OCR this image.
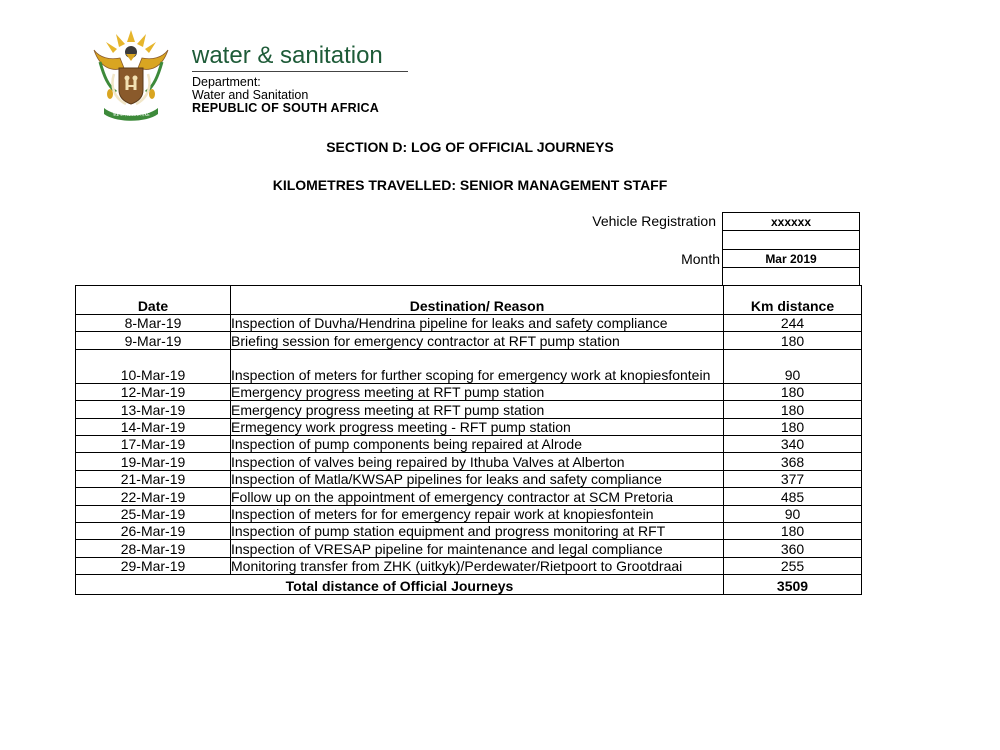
!KE E: /XARRA //KE
water & sanitation
Department:
Water and Sanitation
REPUBLIC OF SOUTH AFRICA
SECTION D: LOG OF OFFICIAL JOURNEYS
KILOMETRES TRAVELLED: SENIOR MANAGEMENT STAFF
Vehicle Registration	xxxxxx
Month	Mar 2019
Date	Destination/ Reason	Km distance
8-Mar-19	Inspection of Duvha/Hendrina pipeline for leaks and safety compliance	244
9-Mar-19	Briefing session for emergency contractor at RFT pump station	180
10-Mar-19	Inspection of meters for further scoping for emergency work at knopiesfontein	90
12-Mar-19	Emergency progress meeting at RFT pump station	180
13-Mar-19	Emergency progress meeting at RFT pump station	180
14-Mar-19	Ermegency work progress meeting - RFT pump station	180
17-Mar-19	Inspection of pump components being repaired at Alrode	340
19-Mar-19	Inspection of valves being repaired by Ithuba Valves at Alberton	368
21-Mar-19	Inspection of Matla/KWSAP pipelines for leaks and safety compliance	377
22-Mar-19	Follow up on the appointment of emergency contractor at SCM Pretoria	485
25-Mar-19	Inspection of meters for for emergency repair work at knopiesfontein	90
26-Mar-19	Inspection of pump station equipment and progress monitoring at RFT	180
28-Mar-19	Inspection of VRESAP pipeline for maintenance and legal compliance	360
29-Mar-19	Monitoring transfer from ZHK (uitkyk)/Perdewater/Rietpoort to Grootdraai	255
Total distance of Official Journeys		3509
